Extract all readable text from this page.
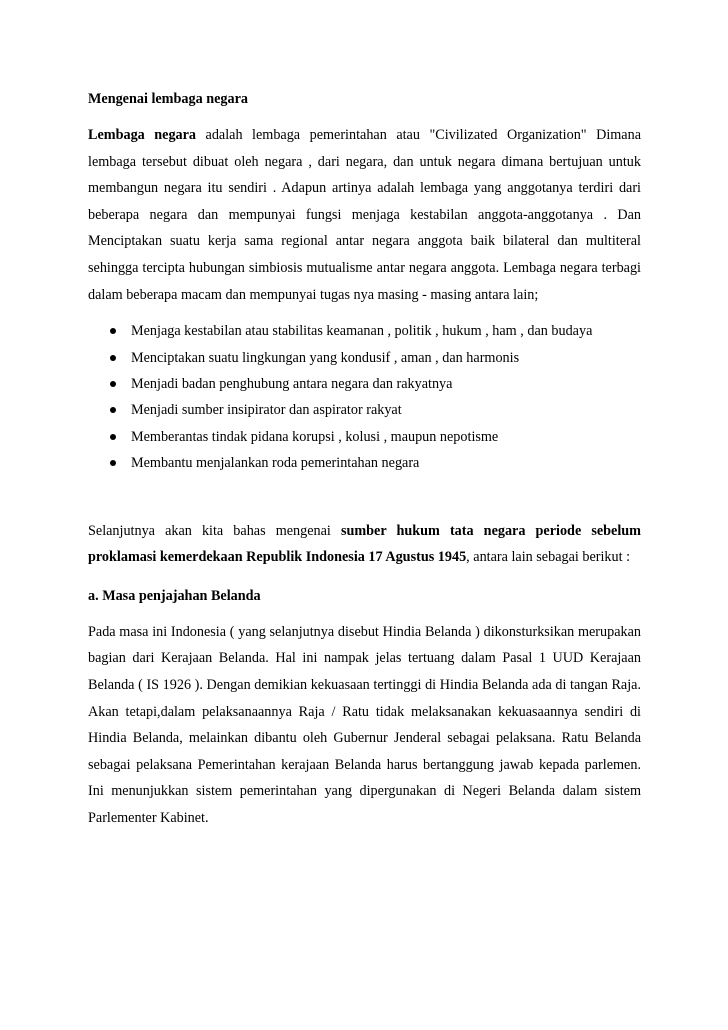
Mengenai lembaga negara

Lembaga negara adalah lembaga pemerintahan atau "Civilizated Organization" Dimana lembaga tersebut dibuat oleh negara , dari negara, dan untuk negara dimana bertujuan untuk membangun negara itu sendiri . Adapun artinya adalah lembaga yang anggotanya terdiri dari beberapa negara dan mempunyai fungsi menjaga kestabilan anggota-anggotanya . Dan Menciptakan suatu kerja sama regional antar negara anggota baik bilateral dan multiteral sehingga tercipta hubungan simbiosis mutualisme antar negara anggota. Lembaga negara terbagi dalam beberapa macam dan mempunyai tugas nya masing - masing antara lain;

Menjaga kestabilan atau stabilitas keamanan , politik , hukum , ham , dan budaya
Menciptakan suatu lingkungan yang kondusif , aman , dan harmonis
Menjadi badan penghubung antara negara dan rakyatnya
Menjadi sumber insipirator dan aspirator rakyat
Memberantas tindak pidana korupsi , kolusi , maupun nepotisme
Membantu menjalankan roda pemerintahan negara

Selanjutnya akan kita bahas mengenai sumber hukum tata negara periode sebelum proklamasi kemerdekaan Republik Indonesia 17 Agustus 1945, antara lain sebagai berikut :

a. Masa penjajahan Belanda

Pada masa ini Indonesia ( yang selanjutnya disebut Hindia Belanda ) dikonsturksikan merupakan bagian dari Kerajaan Belanda. Hal ini nampak jelas tertuang dalam Pasal 1 UUD Kerajaan Belanda ( IS 1926 ). Dengan demikian kekuasaan tertinggi di Hindia Belanda ada di tangan Raja. Akan tetapi,dalam pelaksanaannya Raja / Ratu tidak melaksanakan kekuasaannya sendiri di Hindia Belanda, melainkan dibantu oleh Gubernur Jenderal sebagai pelaksana. Ratu Belanda sebagai pelaksana Pemerintahan kerajaan Belanda harus bertanggung jawab kepada parlemen. Ini menunjukkan sistem pemerintahan yang dipergunakan di Negeri Belanda dalam sistem Parlementer Kabinet.
